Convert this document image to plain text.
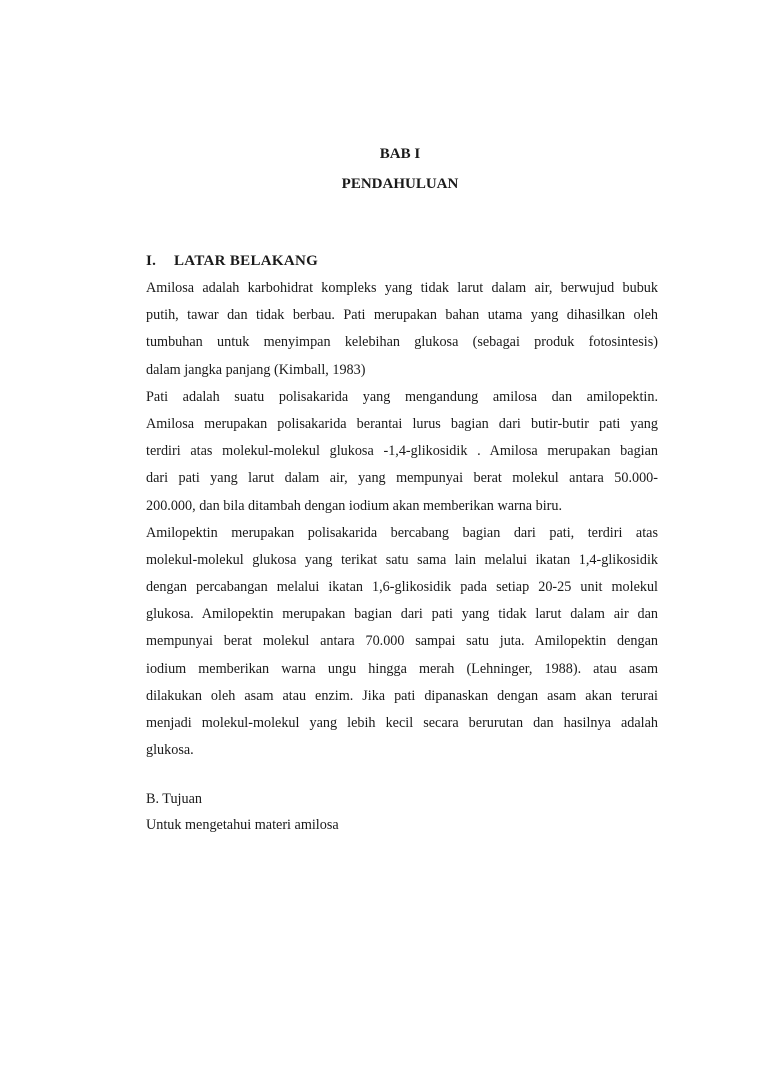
BAB I
PENDAHULUAN
I. LATAR BELAKANG
Amilosa adalah karbohidrat kompleks yang tidak larut dalam air, berwujud bubuk
putih, tawar dan tidak berbau. Pati merupakan bahan utama yang dihasilkan oleh
tumbuhan untuk menyimpan kelebihan glukosa (sebagai produk fotosintesis)
dalam jangka panjang (Kimball, 1983)
Pati adalah suatu polisakarida yang mengandung amilosa dan amilopektin.
Amilosa merupakan polisakarida berantai lurus bagian dari butir-butir pati yang
terdiri atas molekul-molekul glukosa -1,4-glikosidik . Amilosa merupakan bagian
dari pati yang larut dalam air, yang mempunyai berat molekul antara 50.000-
200.000, dan bila ditambah dengan iodium akan memberikan warna biru.
Amilopektin merupakan polisakarida bercabang bagian dari pati, terdiri atas
molekul-molekul glukosa yang terikat satu sama lain melalui ikatan 1,4-glikosidik
dengan percabangan melalui ikatan 1,6-glikosidik pada setiap 20-25 unit molekul
glukosa. Amilopektin merupakan bagian dari pati yang tidak larut dalam air dan
mempunyai berat molekul antara 70.000 sampai satu juta. Amilopektin dengan
iodium memberikan warna ungu hingga merah (Lehninger, 1988). atau asam
dilakukan oleh asam atau enzim. Jika pati dipanaskan dengan asam akan terurai
menjadi molekul-molekul yang lebih kecil secara berurutan dan hasilnya adalah
glukosa.
B. Tujuan
Untuk mengetahui materi amilosa
